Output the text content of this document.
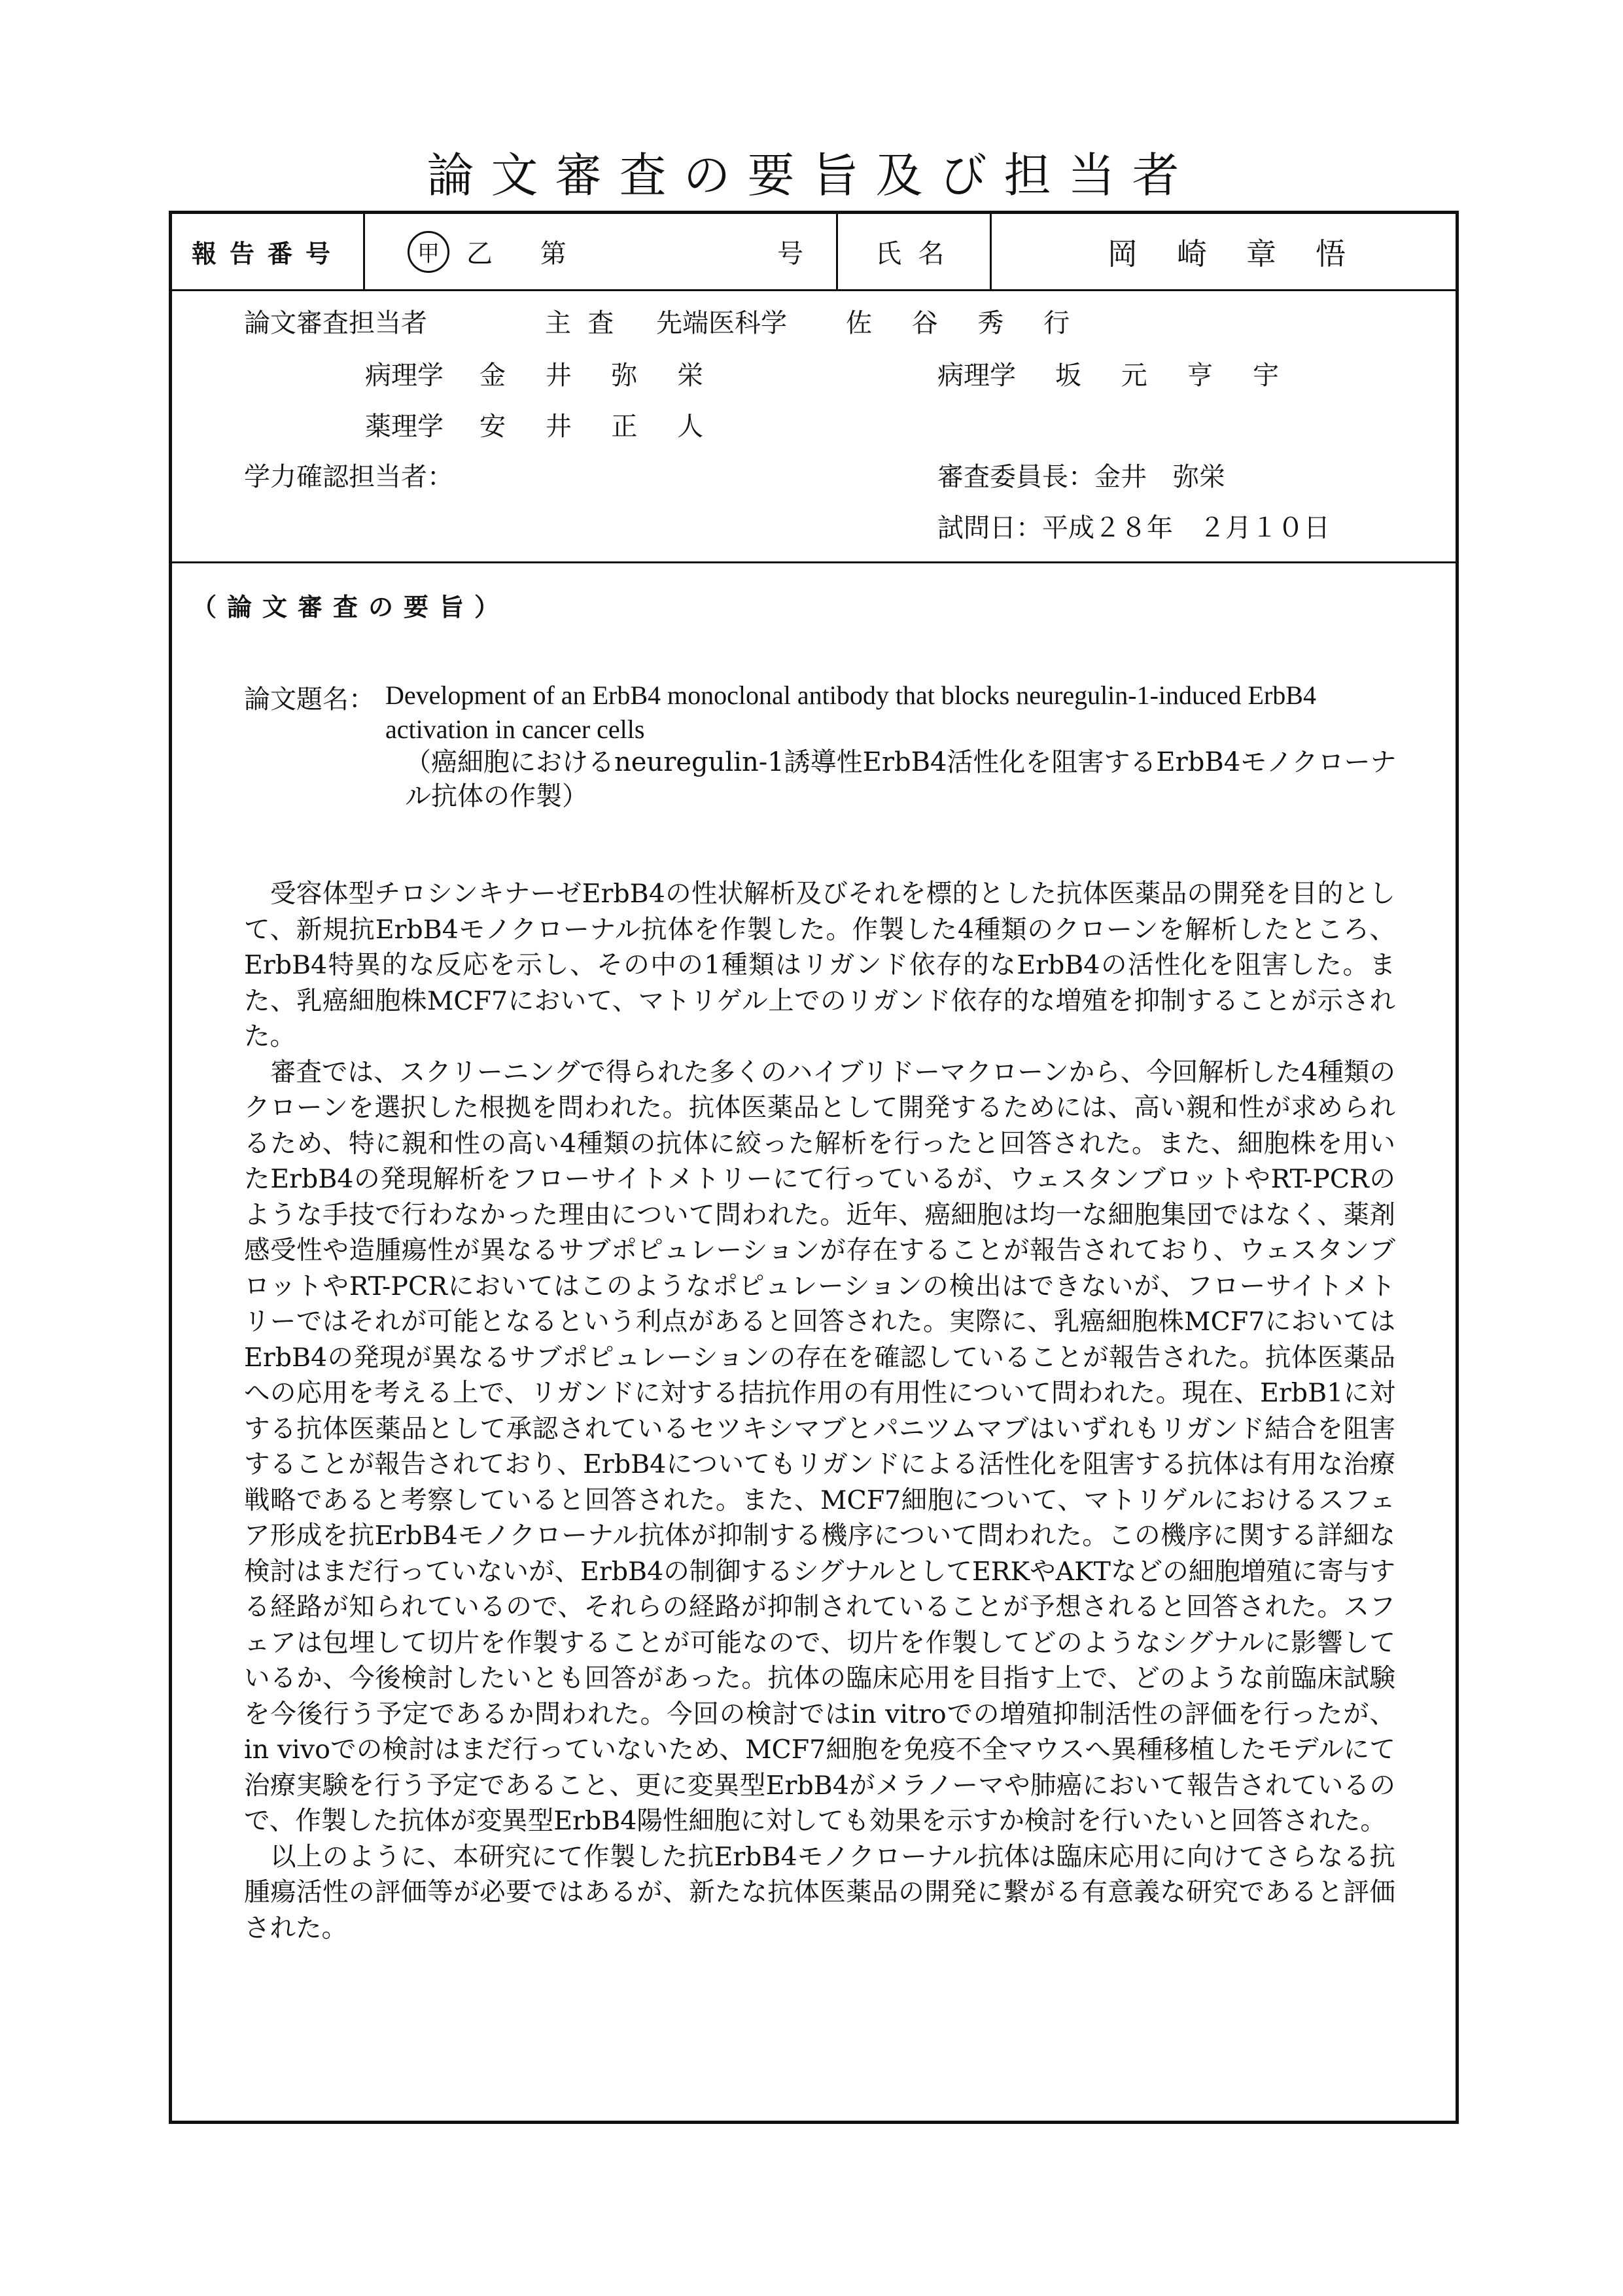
論文審査の要旨及び担当者
報告番号	甲	乙 第	号	氏  名	岡崎章悟
論文審査担当者	主  査 先端医科学 佐 谷 秀 行
病理学 金 井 弥 栄	病理学 坂 元 亨 宇
薬理学 安 井 正 人
学力確認担当者：	審査委員長：金井　弥栄
試問日：平成２８年　２月１０日
（論文審査の要旨）
論文題名： Development of an ErbB4 monoclonal antibody that blocks neuregulin-1-induced ErbB4 activation in cancer cells
（癌細胞におけるneuregulin-1誘導性ErbB4活性化を阻害するErbB4モノクローナル抗体の作製）

受容体型チロシンキナーゼErbB4の性状解析及びそれを標的とした抗体医薬品の開発を目的として、新規抗ErbB4モノクローナル抗体を作製した。作製した4種類のクローンを解析したところ、ErbB4特異的な反応を示し、その中の1種類はリガンド依存的なErbB4の活性化を阻害した。また、乳癌細胞株MCF7において、マトリゲル上でのリガンド依存的な増殖を抑制することが示された。

審査では、スクリーニングで得られた多くのハイブリドーマクローンから、今回解析した4種類のクローンを選択した根拠を問われた。抗体医薬品として開発するためには、高い親和性が求められるため、特に親和性の高い4種類の抗体に絞った解析を行ったと回答された。また、細胞株を用いたErbB4の発現解析をフローサイトメトリーにて行っているが、ウェスタンブロットやRT-PCRのような手技で行わなかった理由について問われた。近年、癌細胞は均一な細胞集団ではなく、薬剤感受性や造腫瘍性が異なるサブポピュレーションが存在することが報告されており、ウェスタンブロットやRT-PCRにおいてはこのようなポピュレーションの検出はできないが、フローサイトメトリーではそれが可能となるという利点があると回答された。実際に、乳癌細胞株MCF7においてはErbB4の発現が異なるサブポピュレーションの存在を確認していることが報告された。抗体医薬品への応用を考える上で、リガンドに対する拮抗作用の有用性について問われた。現在、ErbB1に対する抗体医薬品として承認されているセツキシマブとパニツムマブはいずれもリガンド結合を阻害することが報告されており、ErbB4についてもリガンドによる活性化を阻害する抗体は有用な治療戦略であると考察していると回答された。また、MCF7細胞について、マトリゲルにおけるスフェア形成を抗ErbB4モノクローナル抗体が抑制する機序について問われた。この機序に関する詳細な検討はまだ行っていないが、ErbB4の制御するシグナルとしてERKやAKTなどの細胞増殖に寄与する経路が知られているので、それらの経路が抑制されていることが予想されると回答された。スフェアは包埋して切片を作製することが可能なので、切片を作製してどのようなシグナルに影響しているか、今後検討したいとも回答があった。抗体の臨床応用を目指す上で、どのような前臨床試験を今後行う予定であるか問われた。今回の検討ではin vitroでの増殖抑制活性の評価を行ったが、in vivoでの検討はまだ行っていないため、MCF7細胞を免疫不全マウスへ異種移植したモデルにて治療実験を行う予定であること、更に変異型ErbB4がメラノーマや肺癌において報告されているので、作製した抗体が変異型ErbB4陽性細胞に対しても効果を示すか検討を行いたいと回答された。

以上のように、本研究にて作製した抗ErbB4モノクローナル抗体は臨床応用に向けてさらなる抗腫瘍活性の評価等が必要ではあるが、新たな抗体医薬品の開発に繋がる有意義な研究であると評価された。
